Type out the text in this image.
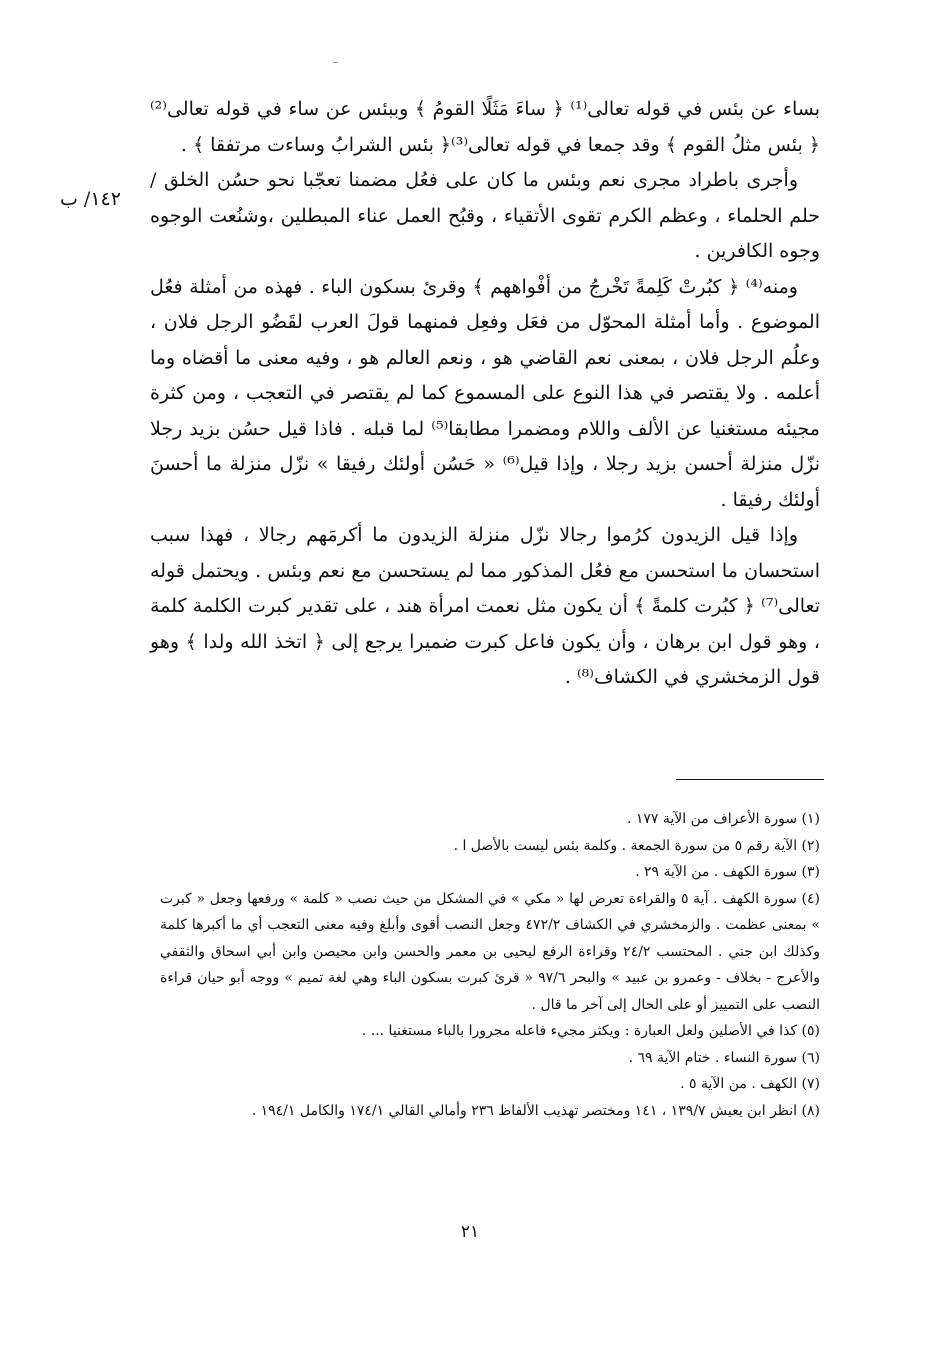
١٤٢/ ب

بساء عن بئس في قوله تعالى⁽¹⁾ ﴿ ساءَ مَثَلًا القومُ ﴾ وببئس عن ساء في قوله تعالى⁽²⁾﴿ بئس مثلُ القوم ﴾ وقد جمعا في قوله تعالى⁽³⁾﴿ بئس الشرابُ وساءت مرتفقا ﴾ .

وأجرى باطراد مجرى نعم وبئس ما كان على فعُل مضمنا تعجّبا نحو حسُن الخلق / حلم الحلماء ، وعظم الكرم تقوى الأتقياء ، وقبُح العمل عناء المبطلين ،وشنُعت الوجوه وجوه الكافرين .

ومنه⁽⁴⁾ ﴿ كبُرتْ كَلِمةً تَخْرجُ من أفْواههم ﴾ وقرئ بسكون الباء . فهذه من أمثلة فعُل الموضوع . وأما أمثلة المحوّل من فعَل وفعِل فمنهما قولَ العرب لقَضُو الرجل فلان ، وعلُم الرجل فلان ، بمعنى نعم القاضي هو ، ونعم العالم هو ، وفيه معنى ما أقضاه وما أعلمه . ولا يقتصر في هذا النوع على المسموع كما لم يقتصر في التعجب ، ومن كثرة مجيئه مستغنيا عن الألف واللام ومضمرا مطابقا⁽⁵⁾ لما قبله . فاذا قيل حسُن بزيد رجلا نزّل منزلة أحسن بزيد رجلا ، وإذا قيل⁽⁶⁾ « حَسُن أولئك رفيقا » نزّل منزلة ما أحسنَ أولئك رفيقا .

وإذا قيل الزيدون كرُموا رجالا نزّل منزلة الزيدون ما أكرمَهم رجالا ، فهذا سبب استحسان ما استحسن مع فعُل المذكور مما لم يستحسن مع نعم وبئس . ويحتمل قوله تعالى⁽⁷⁾ ﴿ كبُرت كلمةً ﴾ أن يكون مثل نعمت امرأة هند ، على تقدير كبرت الكلمة كلمة ، وهو قول ابن برهان ، وأن يكون فاعل كبرت ضميرا يرجع إلى ﴿ اتخذ الله ولدا ﴾ وهو قول الزمخشري في الكشاف⁽⁸⁾ .

(١) سورة الأعراف من الآية ١٧٧ .

(٢) الآية رقم ٥ من سورة الجمعة . وكلمة بئس ليست بالأصل ا .

(٣) سورة الكهف . من الآية ٢٩ .

(٤) سورة الكهف . آية ٥ والقراءة تعرض لها « مكي » في المشكل من حيث نصب « كلمة » ورفعها وجعل « كبرت » بمعنى عظمت . والزمخشري في الكشاف ٤٧٢/٢ وجعل النصب أقوى وأبلغ وفيه معنى التعجب أي ما أكبرها كلمة وكذلك ابن جني . المحتسب ٢٤/٢ وقراءة الرفع ليحيى بن معمر والحسن وابن محيصن وابن أبي اسحاق والثقفي والأعرج - بخلاف - وعمرو بن عبيد » والبحر ٩٧/٦ « قرئ كبرت بسكون الباء وهي لغة تميم » ووجه أبو حيان قراءة النصب على التمييز أو على الحال إلى آخر ما قال .

(٥) كذا في الأصلين ولعل العبارة : ويكثر مجيء فاعله مجرورا بالباء مستغنيا ... .

(٦) سورة النساء . ختام الآية ٦٩ .

(٧) الكهف . من الآية ٥ .

(٨) انظر ابن يعيش ١٣٩/٧ ، ١٤١ ومختصر تهذيب الألفاظ ٢٣٦ وأمالي القالي ١٧٤/١ والكامل ١٩٤/١ .

٢١
